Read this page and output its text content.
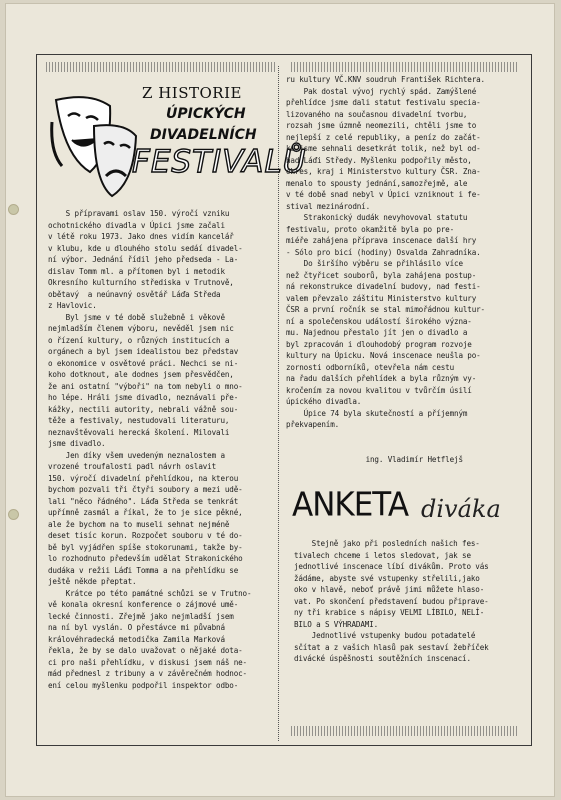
Z HISTORIE
ÚPICKÝCH
DIVADELNÍCH
FESTIVALŮ
S přípravami oslav 150. výročí vzniku
ochotnického divadla v Úpici jsme začali
v létě roku 1973. Jako dnes vidím kancelář
v klubu, kde u dlouhého stolu sedáí divadel-
ní výbor. Jednání řídil jeho předseda - La-
dislav Tomm ml. a přítomen byl i metodik
Okresního kulturního střediska v Trutnově,
obětavý  a neúnavný osvětář Láďa Středa
z Havlovic.
Byl jsme v té době služebně i věkově
nejmladším členem výboru, nevěděl jsem nic
o řízení kultury, o různých institucích a
orgánech a byl jsem idealistou bez představ
o ekonomice v osvětové práci. Nechci se ni-
koho dotknout, ale dodnes jsem přesvědčen,
že ani ostatní "výboři" na tom nebyli o mno-
ho lépe. Hráli jsme divadlo, neznávali pře-
kážky, nectili autority, nebrali vážně sou-
těže a festivaly, nestudovali literaturu,
neznavštěvovali herecká školení. Milovali
jsme divadlo.
Jen díky všem uvedeným neznalostem a
vrozené troufalosti padl návrh oslavit
150. výročí divadelní přehlídkou, na kterou
bychom pozvali tři čtyři soubory a mezi udě-
lali "něco řádného". Láďa Středa se tenkrát
upřímně zasmál a říkal, že to je sice pěkné,
ale že bychom na to museli sehnat nejméně
deset tisíc korun. Rozpočet souboru v té do-
bě byl vyjádřen spíše stokorunami, takže by-
lo rozhodnuto především udělat Strakonického
dudáka v režii Láďi Tomma a na přehlídku se
ještě někde přeptat.
Krátce po této památné schůzi se v Trutno-
vě konala okresní konference o zájmové umě-
lecké činnosti. Zřejmě jako nejmladší jsem
na ní byl vyslán. O přestávce mi půvabná
královéhradecká metodička Zamila Marková
řekla, že by se dalo uvažovat o nějaké dota-
ci pro naši přehlídku, v diskusi jsem náš ne-
mád přednesl z tribuny a v závěrečném hodnoc-
ení celou myšlenku podpořil inspektor odbo-
ru kultury VČ.KNV soudruh František Richtera.
Pak dostal vývoj rychlý spád. Zamýšlené
přehlídce jsme dali statut festivalu specia-
lizovaného na současnou divadelní tvorbu,
rozsah jsme úzmně neomezili, chtěli jsme to
nejlepší z celé republiky, a peníz do začát-
ku jsme sehnali desetkrát tolik, než byl od-
had Láďi Středy. Myšlenku podpořily město,
okres, kraj i Ministerstvo kultury ČSR. Zna-
menalo to spousty jednání,samozřejmě, ale
v té době snad nebyl v Úpici vzniknout i fe-
stival mezinárodní.
Strakonický dudák nevyhovoval statutu
festivalu, proto okamžitě byla po pre-
miéře zahájena příprava inscenace další hry
- Sólo pro bicí (hodiny) Osvalda Zahradníka.
Do širšího výběru se přihlásilo více
než čtyřicet souborů, byla zahájena postup-
ná rekonstrukce divadelní budovy, nad festi-
valem převzalo záštitu Ministerstvo kultury
ČSR a první ročník se stal mimořádnou kultur-
ní a společenskou událostí širokého význa-
mu. Najednou přestalo jít jen o divadlo a
byl zpracován i dlouhodobý program rozvoje
kultury na Úpicku. Nová inscenace neušla po-
zornosti odborníků, otevřela nám cestu
na řadu dalších přehlídek a byla různým vy-
kročením za novou kvalitou v tvůrčím úsilí
úpického divadla.
Úpice 74 byla skutečností a příjemným
překvapením.

ing. Vladimír Hetflejš
ANKETA diváka
Stejně jako při posledních našich fes-
tivalech chceme i letos sledovat, jak se
jednotlivé inscenace líbí divákům. Proto vás
žádáme, abyste své vstupenky střelili,jako
oko v hlavě, neboť právě jimi můžete hlaso-
vat. Po skončení představení budou připrave-
ny tři krabice s nápisy VELMI LÍBILO, NELÍ-
BILO a S VÝHRADAMI.
Jednotlivé vstupenky budou potadatelé
sčítat a z vašich hlasů pak sestaví žebříček
divácké úspěšnosti soutěžních inscenací.
